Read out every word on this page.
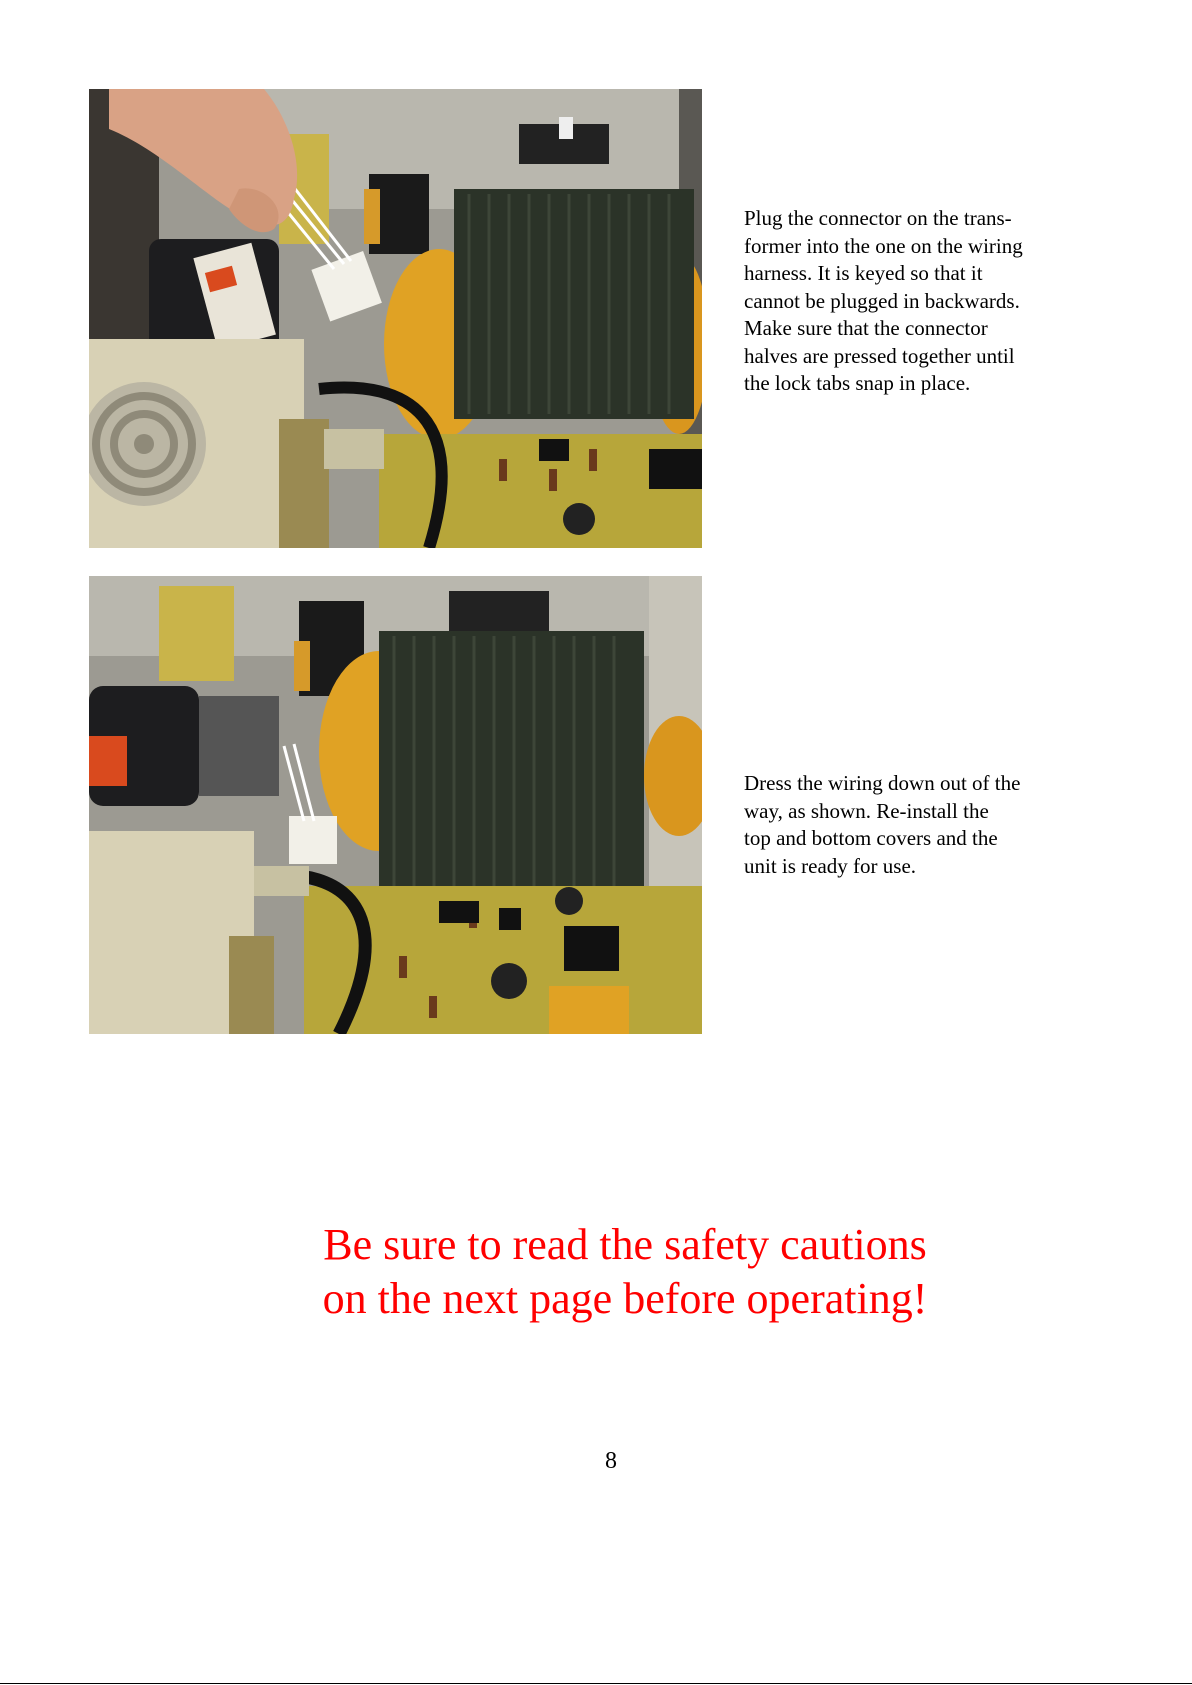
Plug the connector on the trans-
former into the one on the wiring
harness. It is keyed so that it
cannot be plugged in backwards.
Make sure that the connector
halves are pressed together until
the lock tabs snap in place.
Dress the wiring down out of the
way, as shown. Re-install the
top and bottom covers and the
unit is ready for use.
Be sure to read the safety cautions
on the next page before operating!
8
